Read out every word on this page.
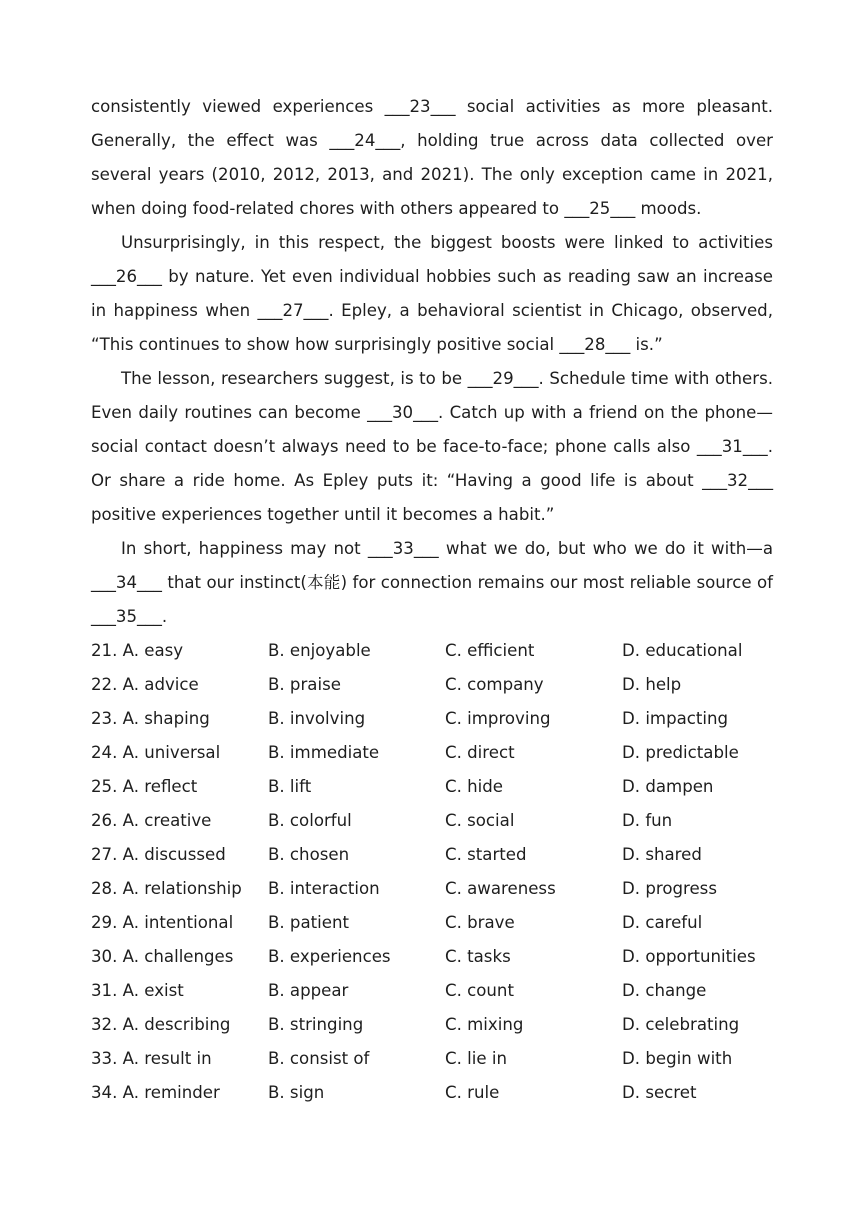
consistently viewed experiences ___23___ social activities as more pleasant. Generally, the effect was ___24___, holding true across data collected over several years (2010, 2012, 2013, and 2021). The only exception came in 2021, when doing food-related chores with others appeared to ___25___ moods.

Unsurprisingly, in this respect, the biggest boosts were linked to activities ___26___ by nature. Yet even individual hobbies such as reading saw an increase in happiness when ___27___. Epley, a behavioral scientist in Chicago, observed, “This continues to show how surprisingly positive social ___28___ is.”

The lesson, researchers suggest, is to be ___29___. Schedule time with others. Even daily routines can become ___30___. Catch up with a friend on the phone—social contact doesn’t always need to be face-to-face; phone calls also ___31___. Or share a ride home. As Epley puts it: “Having a good life is about ___32___ positive experiences together until it becomes a habit.”

In short, happiness may not ___33___ what we do, but who we do it with—a ___34___ that our instinct(本能) for connection remains our most reliable source of ___35___.

21. A. easy	B. enjoyable	C. efficient	D. educational
22. A. advice	B. praise	C. company	D. help
23. A. shaping	B. involving	C. improving	D. impacting
24. A. universal	B. immediate	C. direct	D. predictable
25. A. reflect	B. lift	C. hide	D. dampen
26. A. creative	B. colorful	C. social	D. fun
27. A. discussed	B. chosen	C. started	D. shared
28. A. relationship	B. interaction	C. awareness	D. progress
29. A. intentional	B. patient	C. brave	D. careful
30. A. challenges	B. experiences	C. tasks	D. opportunities
31. A. exist	B. appear	C. count	D. change
32. A. describing	B. stringing	C. mixing	D. celebrating
33. A. result in	B. consist of	C. lie in	D. begin with
34. A. reminder	B. sign	C. rule	D. secret
